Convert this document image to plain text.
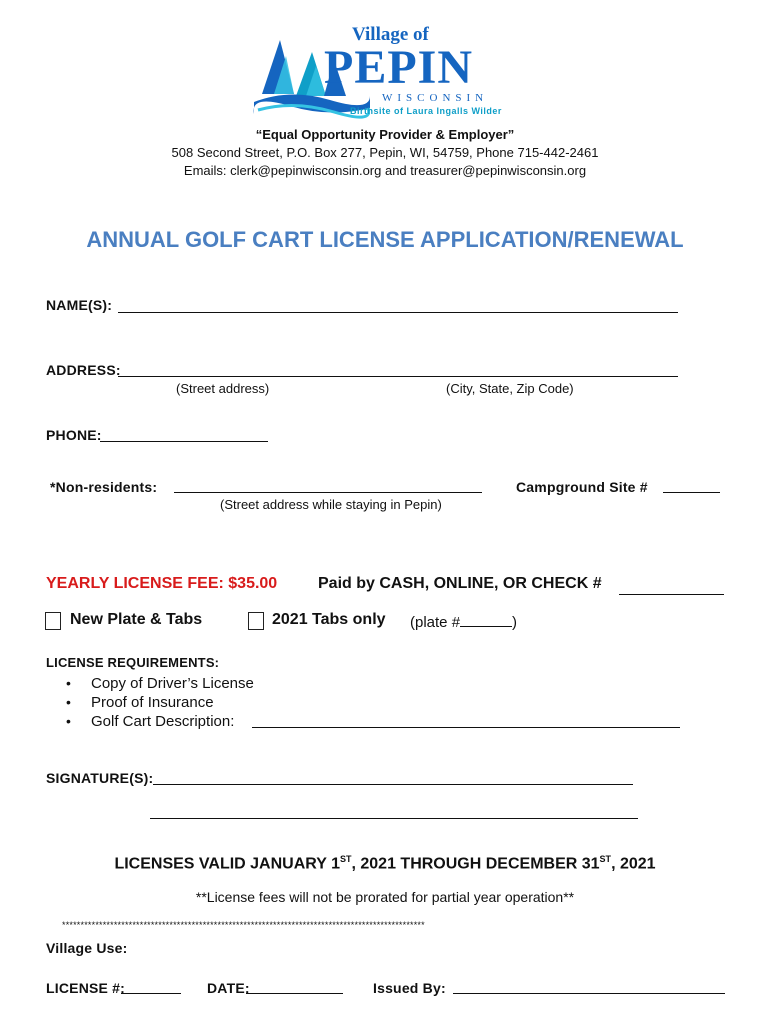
Village of
PEPIN
WISCONSIN
Birthsite of Laura Ingalls Wilder
“Equal Opportunity Provider & Employer”
508 Second Street, P.O. Box 277, Pepin, WI, 54759, Phone 715-442-2461
Emails: clerk@pepinwisconsin.org and treasurer@pepinwisconsin.org
ANNUAL GOLF CART LICENSE APPLICATION/RENEWAL
NAME(S):
ADDRESS:
(Street address)	(City, State, Zip Code)
PHONE:
*Non-residents:
(Street address while staying in Pepin)
Campground Site #
YEARLY LICENSE FEE: $35.00	Paid by CASH, ONLINE, OR CHECK #
New Plate & Tabs	2021 Tabs only (plate #	)
LICENSE REQUIREMENTS:
• Copy of Driver’s License
• Proof of Insurance
• Golf Cart Description:
SIGNATURE(S):
LICENSES VALID JANUARY 1ST, 2021 THROUGH DECEMBER 31ST, 2021
**License fees will not be prorated for partial year operation**
**************************************************************************************************
Village Use:
LICENSE #:	DATE:	Issued By:
